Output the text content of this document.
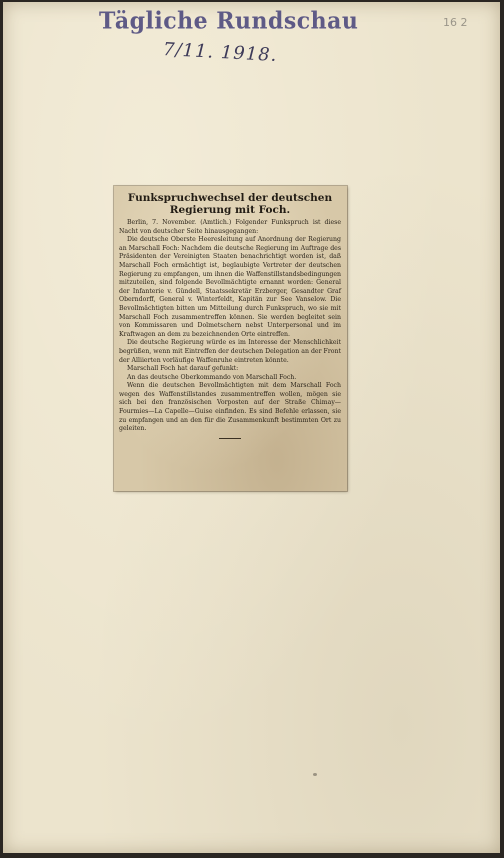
Tägliche Rundschau
7/11. 1918.
16 2
Funkspruchwechsel der deutschen Regierung mit Foch.

Berlin, 7. November. (Amtlich.) Folgender Funkspruch ist diese Nacht von deutscher Seite hinausgegangen:

Die deutsche Oberste Heeresleitung auf Anordnung der Regierung an Marschall Foch: Nachdem die deutsche Regierung im Auftrage des Präsidenten der Vereinigten Staaten benachrichtigt worden ist, daß Marschall Foch ermächtigt ist, beglaubigte Vertreter der deutschen Regierung zu empfangen, um ihnen die Waffenstillstandsbedingungen mitzuteilen, sind folgende Bevollmächtigte ernannt worden: General der Infanterie v. Gündell, Staatssekretär Erzberger, Gesandter Graf Oberndorff, General v. Winterfeldt, Kapitän zur See Vanselow. Die Bevollmächtigten bitten um Mitteilung durch Funkspruch, wo sie mit Marschall Foch zusammentreffen können. Sie werden begleitet sein von Kommissaren und Dolmetschern nebst Unterpersonal und im Kraftwagen an dem zu bezeichnenden Orte eintreffen.

Die deutsche Regierung würde es im Interesse der Menschlichkeit begrüßen, wenn mit Eintreffen der deutschen Delegation an der Front der Alliierten vorläufige Waffenruhe eintreten könnte.

Marschall Foch hat darauf gefunkt:

An das deutsche Oberkommando von Marschall Foch.

Wenn die deutschen Bevollmächtigten mit dem Marschall Foch wegen des Waffenstillstandes zusammentreffen wollen, mögen sie sich bei den französischen Vorposten auf der Straße Chimay—Fourmies—La Capelle—Guise einfinden. Es sind Befehle erlassen, sie zu empfangen und an den für die Zusammenkunft bestimmten Ort zu geleiten.
